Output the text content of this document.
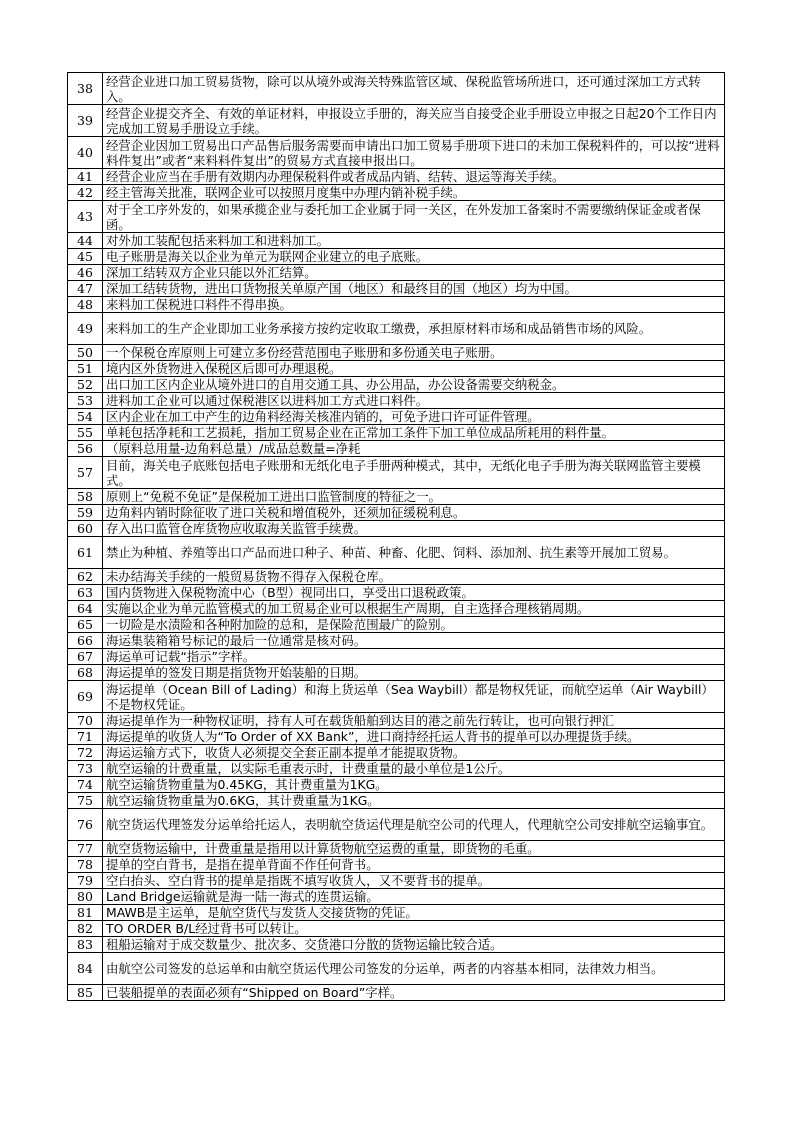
38	经营企业进口加工贸易货物，除可以从境外或海关特殊监管区域、保税监管场所进口，还可通过深加工方式转入。
39	经营企业提交齐全、有效的单证材料，申报设立手册的，海关应当自接受企业手册设立申报之日起20个工作日内完成加工贸易手册设立手续。
40	经营企业因加工贸易出口产品售后服务需要而申请出口加工贸易手册项下进口的未加工保税料件的，可以按“进料料件复出”或者“来料料件复出”的贸易方式直接申报出口。
41	经营企业应当在手册有效期内办理保税料件或者成品内销、结转、退运等海关手续。
42	经主管海关批准，联网企业可以按照月度集中办理内销补税手续。
43	对于全工序外发的，如果承揽企业与委托加工企业属于同一关区，在外发加工备案时不需要缴纳保证金或者保函。
44	对外加工装配包括来料加工和进料加工。
45	电子账册是海关以企业为单元为联网企业建立的电子底账。
46	深加工结转双方企业只能以外汇结算。
47	深加工结转货物，进出口货物报关单原产国（地区）和最终目的国（地区）均为中国。
48	来料加工保税进口料件不得串换。
49	来料加工的生产企业即加工业务承接方按约定收取工缴费，承担原材料市场和成品销售市场的风险。
50	一个保税仓库原则上可建立多份经营范围电子账册和多份通关电子账册。
51	境内区外货物进入保税区后即可办理退税。
52	出口加工区内企业从境外进口的自用交通工具、办公用品，办公设备需要交纳税金。
53	进料加工企业可以通过保税港区以进料加工方式进口料件。
54	区内企业在加工中产生的边角料经海关核准内销的，可免予进口许可证件管理。
55	单耗包括净耗和工艺损耗，指加工贸易企业在正常加工条件下加工单位成品所耗用的料件量。
56	（原料总用量-边角料总量）/成品总数量=净耗
57	目前，海关电子底账包括电子账册和无纸化电子手册两种模式，其中，无纸化电子手册为海关联网监管主要模式。
58	原则上“免税不免证”是保税加工进出口监管制度的特征之一。
59	边角料内销时除征收了进口关税和增值税外，还须加征缓税利息。
60	存入出口监管仓库货物应收取海关监管手续费。
61	禁止为种植、养殖等出口产品而进口种子、种苗、种畜、化肥、饲料、添加剂、抗生素等开展加工贸易。
62	未办结海关手续的一般贸易货物不得存入保税仓库。
63	国内货物进入保税物流中心（B型）视同出口，享受出口退税政策。
64	实施以企业为单元监管模式的加工贸易企业可以根据生产周期，自主选择合理核销周期。
65	一切险是水渍险和各种附加险的总和，是保险范围最广的险别。
66	海运集装箱箱号标记的最后一位通常是核对码。
67	海运单可记载“指示”字样。
68	海运提单的签发日期是指货物开始装船的日期。
69	海运提单（Ocean Bill of Lading）和海上货运单（Sea Waybill）都是物权凭证，而航空运单（Air Waybill）不是物权凭证。
70	海运提单作为一种物权证明，持有人可在载货船舶到达目的港之前先行转让，也可向银行押汇
71	海运提单的收货人为“To Order of XX Bank”，进口商持经托运人背书的提单可以办理提货手续。
72	海运运输方式下，收货人必须提交全套正副本提单才能提取货物。
73	航空运输的计费重量，以实际毛重表示时，计费重量的最小单位是1公斤。
74	航空运输货物重量为0.45KG，其计费重量为1KG。
75	航空运输货物重量为0.6KG，其计费重量为1KG。
76	航空货运代理签发分运单给托运人，表明航空货运代理是航空公司的代理人，代理航空公司安排航空运输事宜。
77	航空货物运输中，计费重量是指用以计算货物航空运费的重量，即货物的毛重。
78	提单的空白背书，是指在提单背面不作任何背书。
79	空白抬头、空白背书的提单是指既不填写收货人，又不要背书的提单。
80	Land Bridge运输就是海一陆一海式的连贯运输。
81	MAWB是主运单，是航空货代与发货人交接货物的凭证。
82	TO ORDER B/L经过背书可以转让。
83	租船运输对于成交数量少、批次多、交货港口分散的货物运输比较合适。
84	由航空公司签发的总运单和由航空货运代理公司签发的分运单，两者的内容基本相同，法律效力相当。
85	已装船提单的表面必须有“Shipped on Board”字样。
